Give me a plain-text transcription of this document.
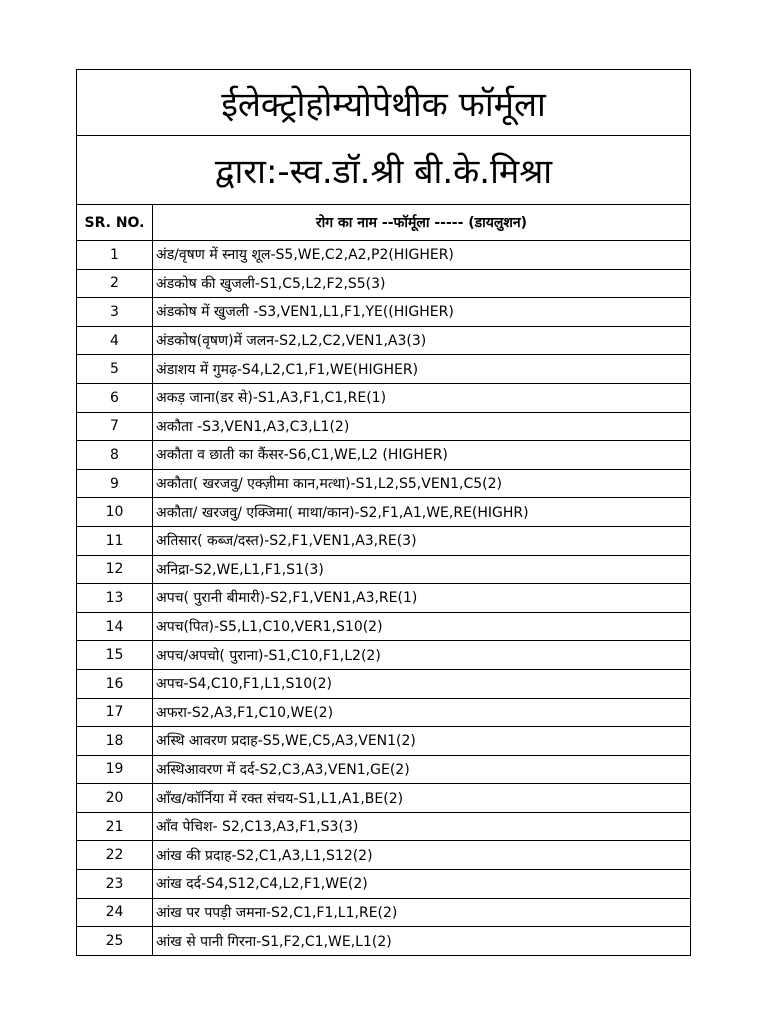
ईलेक्ट्रोहोम्योपेथीक फॉर्मूला	
द्वारा:-स्व.डॉ.श्री बी.के.मिश्रा	
SR. NO.	रोग का नाम --फॉर्मूला ----- (डायलुशन)
1	अंड/वृषण में स्नायु शूल-S5,WE,C2,A2,P2(HIGHER)
2	अंडकोष की खुजली-S1,C5,L2,F2,S5(3)
3	अंडकोष में खुजली -S3,VEN1,L1,F1,YE((HIGHER)
4	अंडकोष(वृषण)में जलन-S2,L2,C2,VEN1,A3(3)
5	अंडाशय में गुमढ़-S4,L2,C1,F1,WE(HIGHER)
6	अकड़ जाना(डर से)-S1,A3,F1,C1,RE(1)
7	अकौता -S3,VEN1,A3,C3,L1(2)
8	अकौता व छाती का कैंसर-S6,C1,WE,L2 (HIGHER)
9	अकौता( खरजवु/ एक्ज़ीमा कान,मत्था)-S1,L2,S5,VEN1,C5(2)
10	अकौता/ खरजवु/ एक्जिमा( माथा/कान)-S2,F1,A1,WE,RE(HIGHR)
11	अतिसार( कब्ज/दस्त)-S2,F1,VEN1,A3,RE(3)
12	अनिद्रा-S2,WE,L1,F1,S1(3)
13	अपच( पुरानी बीमारी)-S2,F1,VEN1,A3,RE(1)
14	अपच(पित)-S5,L1,C10,VER1,S10(2)
15	अपच/अपचो( पुराना)-S1,C10,F1,L2(2)
16	अपच-S4,C10,F1,L1,S10(2)
17	अफरा-S2,A3,F1,C10,WE(2)
18	अस्थि आवरण प्रदाह-S5,WE,C5,A3,VEN1(2)
19	अस्थिआवरण में दर्द-S2,C3,A3,VEN1,GE(2)
20	आँख/कॉर्निया में रक्त संचय-S1,L1,A1,BE(2)
21	आँव पेचिश- S2,C13,A3,F1,S3(3)
22	आंख की प्रदाह-S2,C1,A3,L1,S12(2)
23	आंख दर्द-S4,S12,C4,L2,F1,WE(2)
24	आंख पर पपड़ी जमना-S2,C1,F1,L1,RE(2)
25	आंख से पानी गिरना-S1,F2,C1,WE,L1(2)
